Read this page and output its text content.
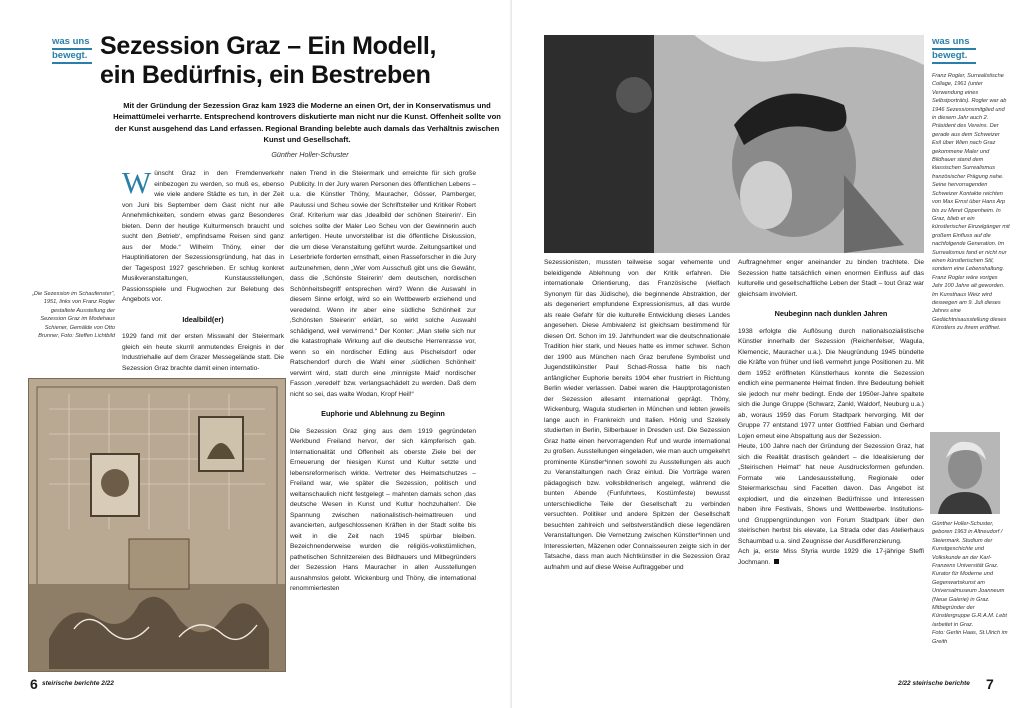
was uns
bewegt. Sezession Graz – Ein Modell,
ein Bedürfnis, ein Bestreben
Mit der Gründung der Sezession Graz kam 1923 die Moderne an einen Ort, der in Konservatismus und Heimattümelei verharrte. Entsprechend kontrovers diskutierte man nicht nur die Kunst. Offenheit sollte von der Kunst ausgehend das Land erfassen. Regional Branding belebte auch damals das Verhältnis zwischen Kunst und Gesellschaft.
Günther Holler-Schuster

Wünscht Graz in den Fremdenverkehr einbezogen zu werden, so muß es, ebenso wie viele andere Städte es tun, in der Zeit von Juni bis September dem Gast nicht nur alle Annehmlichkeiten, sondern etwas ganz Besonderes bieten. Denn der heutige Kulturmensch braucht und sucht den ‚Betrieb‘, empfindsame Reisen sind ganz aus der Mode.“ Wilhelm Thöny, einer der Hauptinitiatoren der Sezessionsgründung, hat das in der Tagespost 1927 geschrieben. Er schlug konkret Musikveranstaltungen, Kunstausstellungen, Passionsspiele und Flugwochen zur Belebung des Angebots vor.

Idealbild(er)

1929 fand mit der ersten Misswahl der Steiermark gleich ein heute skurril anmutendes Ereignis in der Industriehalle auf dem Grazer Messegelände statt. Die Sezession Graz brachte damit einen internatio-

„Die Sezession im Schaufenster“, 1951, links von Franz Rogler gestaltete Ausstellung der Sezession Graz im Modehaus Schiener, Gemälde von Otto Brunner, Foto: Steffen Lichtbild

nalen Trend in die Steiermark und erreichte für sich große Publicity. In der Jury waren Personen des öffentlichen Lebens – u.a. die Künstler Thöny, Mauracher, Gösser, Pamberger, Paulussi und Scheu sowie der Schriftsteller und Kritiker Robert Graf. Kriterium war das ‚Idealbild der schönen Steirerin‘. Ein solches sollte der Maler Leo Scheu von der Gewinnerin auch anfertigen. Heute unvorstellbar ist die öffentliche Diskussion, die um diese Veranstaltung geführt wurde. Zeitungsartikel und Leserbriefe forderten ernsthaft, einen Rasseforscher in die Jury aufzunehmen, denn „Wer vom Ausschuß gibt uns die Gewähr, dass die ‚Schönste Steirerin‘ dem deutschen, nordischen Schönheitsbegriff entsprechen wird? Wenn die Auswahl in diesem Sinne erfolgt, wird so ein Wettbewerb erziehend und veredelnd. Wenn ihr aber eine südliche Schönheit zur ‚Schönsten Steirerin‘ erklärt, so wirkt solche Auswahl schädigend, weil verwirrend.“ Der Konter: „Man stelle sich nur die katastrophale Wirkung auf die deutsche Herrenrasse vor, wenn so ein nordischer Edling aus Pischelsdorf oder Ratschendorf durch die Wahl einer ‚südlichen Schönheit‘ verwirrt wird, statt durch eine ‚minnigste Maid‘ nordischer Fasson ‚veredelt‘ bzw. verlangsachädelt zu werden. Daß dem nicht so sei, das walte Wodan, Kropf Heil!“

Euphorie und Ablehnung zu Beginn

Die Sezession Graz ging aus dem 1919 gegründeten Werkbund Freiland hervor, der sich kämpferisch gab. Internationalität und Offenheit als oberste Ziele bei der Erneuerung der hiesigen Kunst und Kultur setzte und lebensreformerisch wirkte. Vertreter des Heimatschutzes – Freiland war, wie später die Sezession, politisch und weltanschaulich nicht festgelegt – mahnten damals schon ‚das deutsche Wesen in Kunst und Kultur hochzuhalten‘. Die Spannung zwischen nationalistisch-heimattreuen und avancierten, aufgeschlossenen Kräften in der Stadt sollte bis weit in die Zeit nach 1945 spürbar bleiben. Bezeichnenderweise wurden die religiös-volkstümlichen, pathetischen Schnitzereien des Bildhauers und Mitbegründers der Sezession Hans Mauracher in allen Ausstellungen ausnahmslos gelobt. Wickenburg und Thöny, die international renommiertesten

6 steirische berichte 2/22
was uns
bewegt.
Franz Rogler, Surrealistische Collage, 1961 (unter Verwendung eines Selbstporträts). Rogler war ab 1946 Sezessionsmitglied und in diesem Jahr auch 2. Präsident des Vereins. Der gerade aus dem Schweizer Exil über Wien nach Graz gekommene Maler und Bildhauer stand dem klassischen Surrealismus französischer Prägung nahe. Seine hervorragenden Schweizer Kontakte reichten von Max Ernst über Hans Arp bis zu Meret Oppenheim. In Graz, blieb er ein künstlerischer Einzelgänger mit großem Einfluss auf die nachfolgende Generation. Im Surrealismus fand er nicht nur einen künstlerischen Stil, sondern eine Lebenshaltung. Franz Rogler wäre voriges Jahr 100 Jahre alt geworden. Im Kunsthaus Weiz wird deswegen am 9. Juli dieses Jahres eine Gedächtnisausstellung dieses Künstlers zu ihrem eröffnet.

Sezessionisten, mussten teilweise sogar vehemente und beleidigende Ablehnung von der Kritik erfahren. Die internationale Orientierung, das Französische (vielfach Synonym für das Jüdische), die beginnende Abstraktion, der als degeneriert empfundene Expressionismus, all das wurde als reale Gefahr für die kulturelle Entwicklung dieses Landes angesehen. Diese Ambivalenz ist gleichsam bestimmend für diesen Ort. Schon im 19. Jahrhundert war die deutschnationale Tradition hier stark, und Neues hatte es immer schwer. Schon der 1900 aus München nach Graz berufene Symbolist und Jugendstilkünstler Paul Schad-Rossa hatte bis nach anfänglicher Euphorie bereits 1904 eher frustriert in Richtung Berlin wieder verlassen. Dabei waren die Hauptprotagonisten der Sezession allesamt international geprägt. Thöny, Wickenburg, Wagula studierten in München und lebten jeweils lange auch in Frankreich und Italien. Hönig und Szekely studierten in Berlin, Silberbauer in Dresden usf. Die Sezession Graz hatte einen hervorragenden Ruf und wurde international zu großen. Ausstellungen eingeladen, wie man auch umgekehrt prominente Künstler*innen sowohl zu Ausstellungen als auch zu Veranstaltungen nach Graz einlud. Die Vorträge waren pädagogisch bzw. volksbildnerisch angelegt, während die bunten Abende (Funfuhrtees, Kostümfeste) bewusst unterschiedliche Teile der Gesellschaft zu verbinden versuchten. Politiker und andere Spitzen der Gesellschaft besuchten zahlreich und selbstverständlich diese legendären Veranstaltungen. Die Vernetzung zwischen Künstler*innen und Interessierten, Mäzenen oder Connaisseuren zeigte sich in der Tatsache, dass man auch Nichtkünstler in die Sezession Graz aufnahm und auf diese Weise Auftraggeber und

Auftragnehmer enger aneinander zu binden trachtete. Die Sezession hatte tatsächlich einen enormen Einfluss auf das kulturelle und gesellschaftliche Leben der Stadt – tout Graz war gleichsam involviert.

Neubeginn nach dunklen Jahren

1938 erfolgte die Auflösung durch nationalsozialistische Künstler innerhalb der Sezession (Reichenfelser, Wagula, Klemencic, Mauracher u.a.). Die Neugründung 1945 bündelte die Kräfte von früher und ließ vermehrt junge Positionen zu. Mit dem 1952 eröffneten Künstlerhaus konnte die Sezession endlich eine permanente Heimat finden. Ihre Bedeutung behielt sie jedoch nur mehr bedingt. Ende der 1950er-Jahre spaltete sich die Junge Gruppe (Schwarz, Zankl, Waldorf, Neuburg u.a.) ab, woraus 1959 das Forum Stadtpark hervorging. Mit der Gruppe 77 entstand 1977 unter Gottfried Fabian und Gerhard Lojen erneut eine Abspaltung aus der Sezession.

Heute, 100 Jahre nach der Gründung der Sezession Graz, hat sich die Realität drastisch geändert – die Idealisierung der „Steirischen Heimat“ hat neue Ausdrucksformen gefunden. Formate wie Landesausstellung, Regionale oder Steiermarkschau sind Facetten davon. Das Angebot ist explodiert, und die einzelnen Bedürfnisse und Interessen haben ihre Festivals, Shows und Wettbewerbe. Institutions- und Gruppengründungen von Forum Stadtpark über den steirischen herbst bis elevate, La Strada oder das Atelierhaus Schaumbad u.a. sind Zeugnisse der Ausdifferenzierung.

Ach ja, erste Miss Styria wurde 1929 die 17-jährige Steffi Jochmann.

Günther Holler-Schuster, geboren 1963 in Altneudorf / Steiermark. Studium der Kunstgeschichte und Volkskunde an der Karl-Franzens Universität Graz. Kurator für Moderne und Gegenwartskunst am Universalmuseum Joanneum (Neue Galerie) in Graz. Mitbegründer der Künstlergruppe G.R.A.M. Lebt /arbeitet in Graz.
Foto: Gerlin Haas, St.Ulrich im Greith
2/22 steirische berichte 7
